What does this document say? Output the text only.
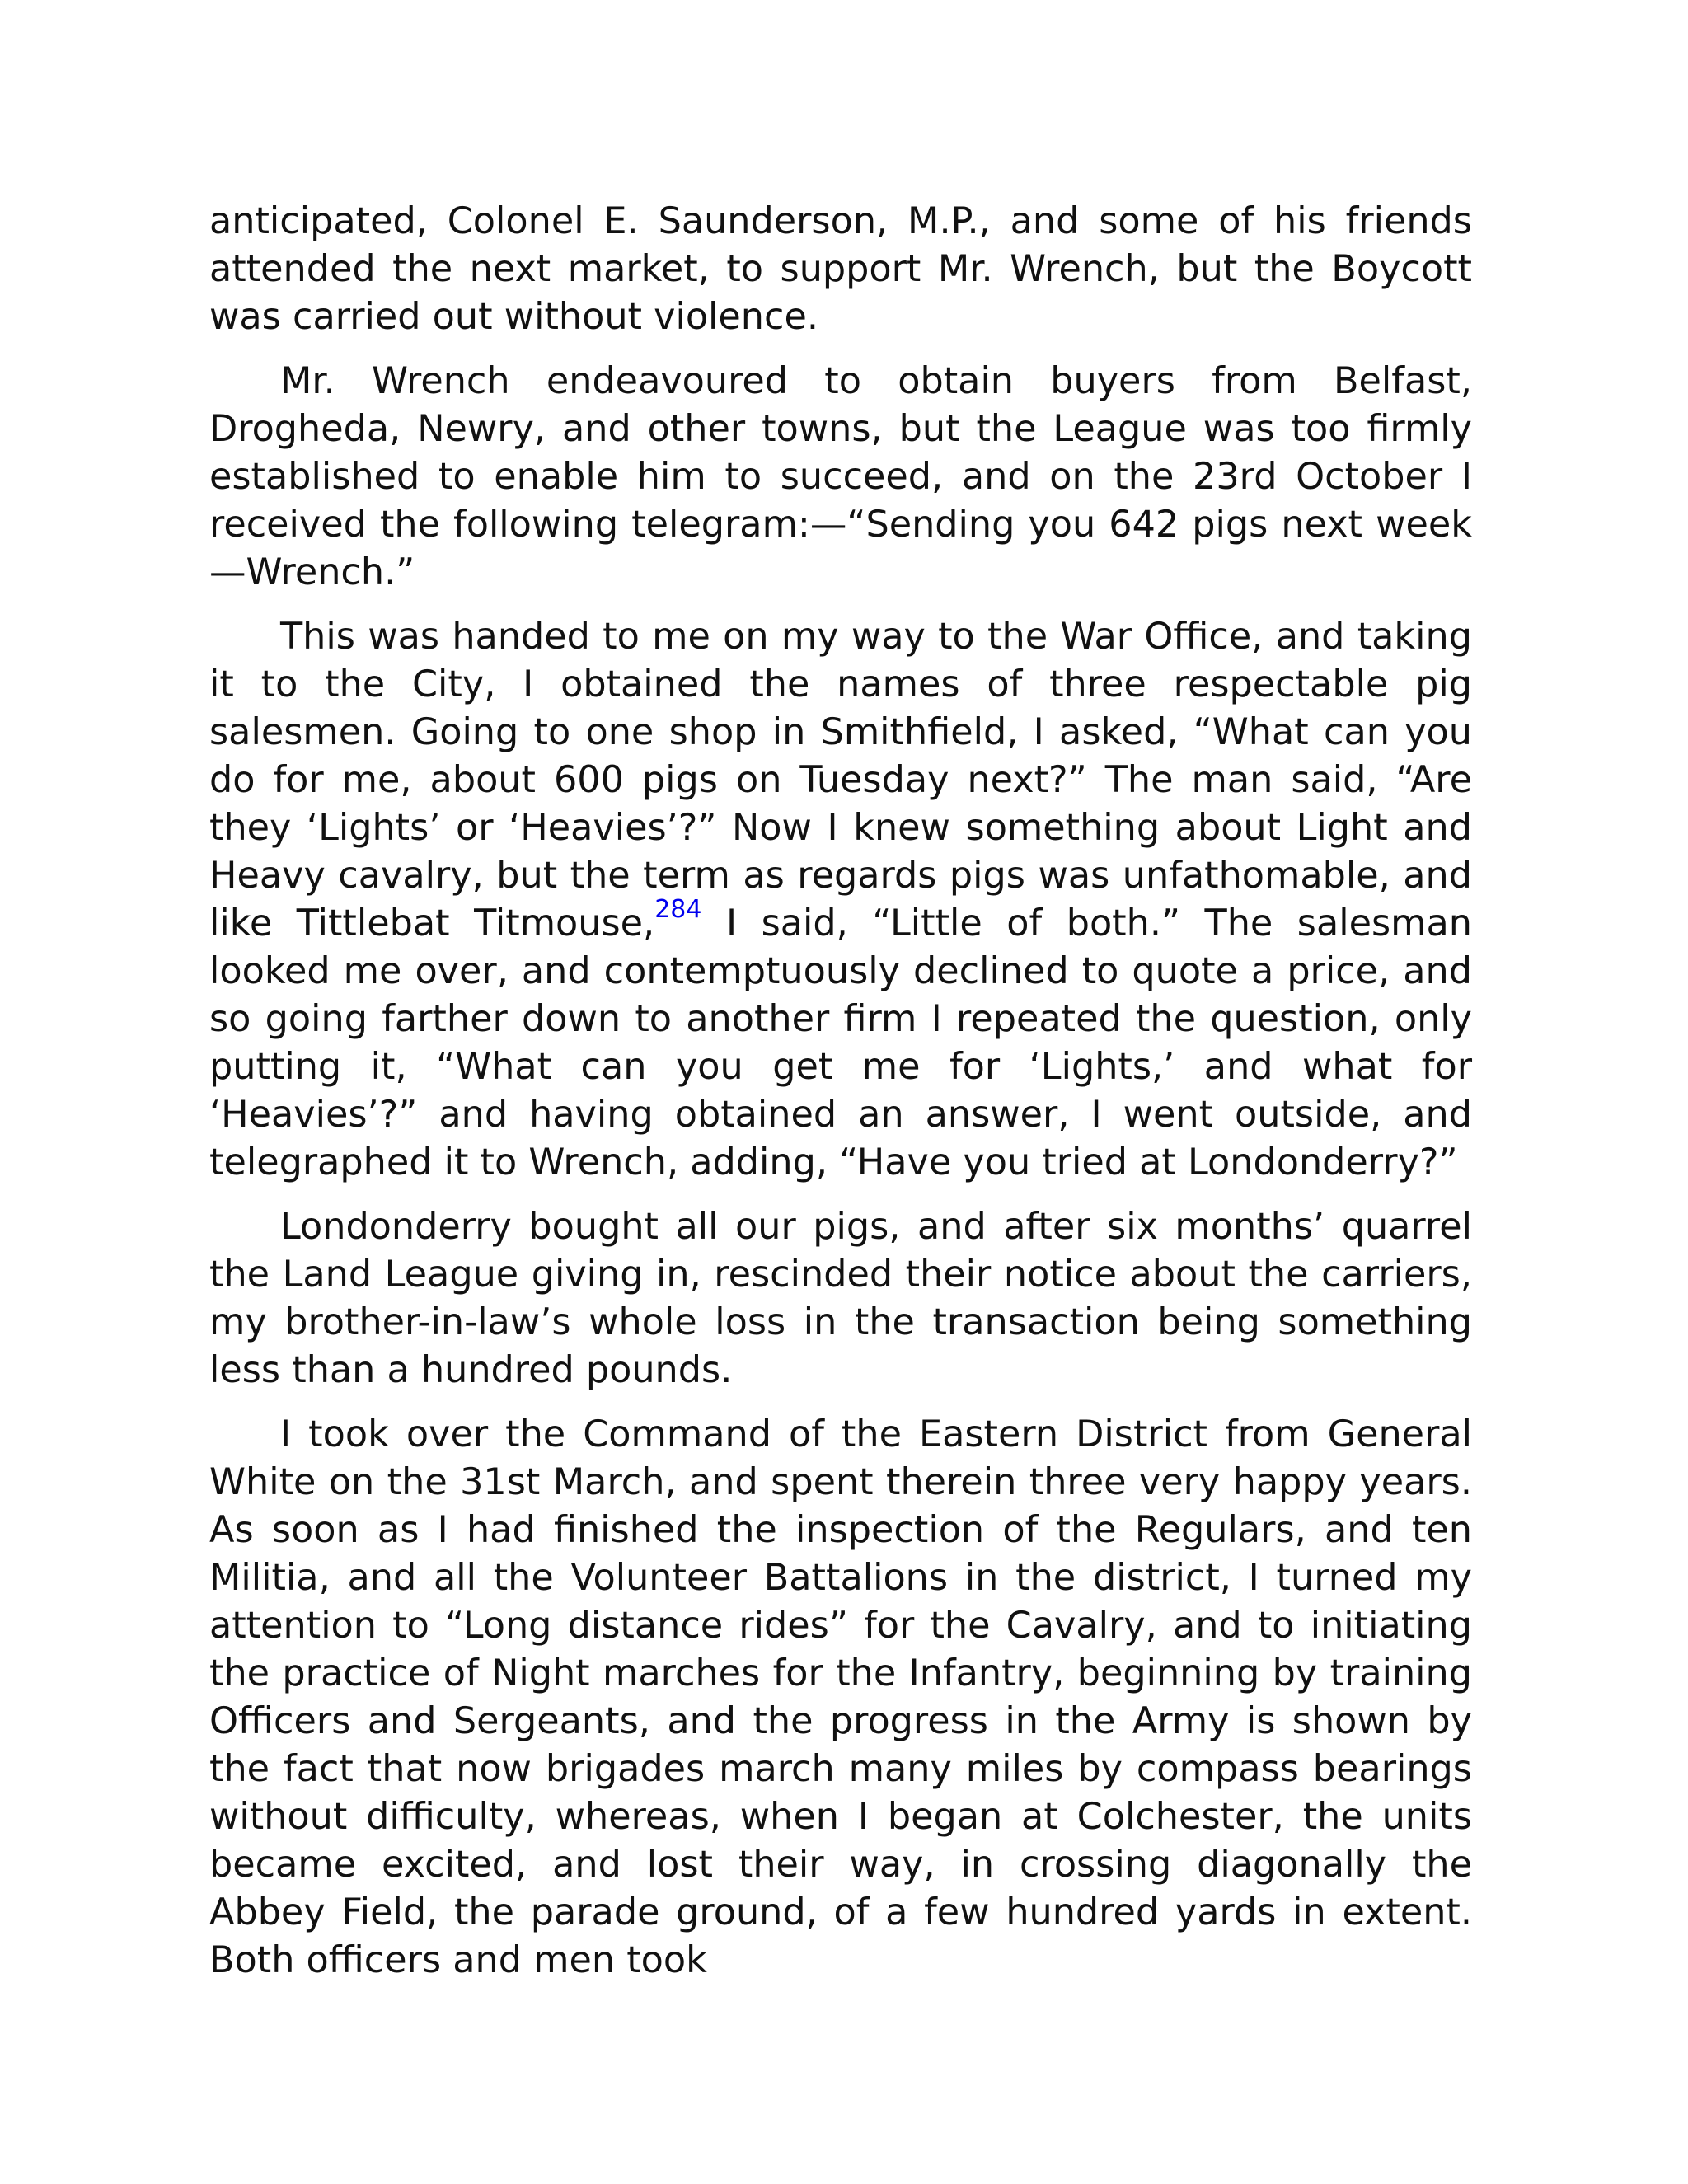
anticipated, Colonel E. Saunderson, M.P., and some of his friends attended the next market, to support Mr. Wrench, but the Boycott was carried out without violence.

Mr. Wrench endeavoured to obtain buyers from Belfast, Drogheda, Newry, and other towns, but the League was too firmly established to enable him to succeed, and on the 23rd October I received the following telegram:—“Sending you 642 pigs next week—Wrench.”

This was handed to me on my way to the War Office, and taking it to the City, I obtained the names of three respectable pig salesmen. Going to one shop in Smithfield, I asked, “What can you do for me, about 600 pigs on Tuesday next?” The man said, “Are they ‘Lights’ or ‘Heavies’?” Now I knew something about Light and Heavy cavalry, but the term as regards pigs was unfathomable, and like Tittlebat Titmouse,$^{284}$ I said, “Little of both.” The salesman looked me over, and contemptuously declined to quote a price, and so going farther down to another firm I repeated the question, only putting it, “What can you get me for ‘Lights,’ and what for ‘Heavies’?” and having obtained an answer, I went outside, and telegraphed it to Wrench, adding, “Have you tried at Londonderry?”

Londonderry bought all our pigs, and after six months’ quarrel the Land League giving in, rescinded their notice about the carriers, my brother-in-law’s whole loss in the transaction being something less than a hundred pounds.

I took over the Command of the Eastern District from General White on the 31st March, and spent therein three very happy years. As soon as I had finished the inspection of the Regulars, and ten Militia, and all the Volunteer Battalions in the district, I turned my attention to “Long distance rides” for the Cavalry, and to initiating the practice of Night marches for the Infantry, beginning by training Officers and Sergeants, and the progress in the Army is shown by the fact that now brigades march many miles by compass bearings without difficulty, whereas, when I began at Colchester, the units became excited, and lost their way, in crossing diagonally the Abbey Field, the parade ground, of a few hundred yards in extent. Both officers and men took
